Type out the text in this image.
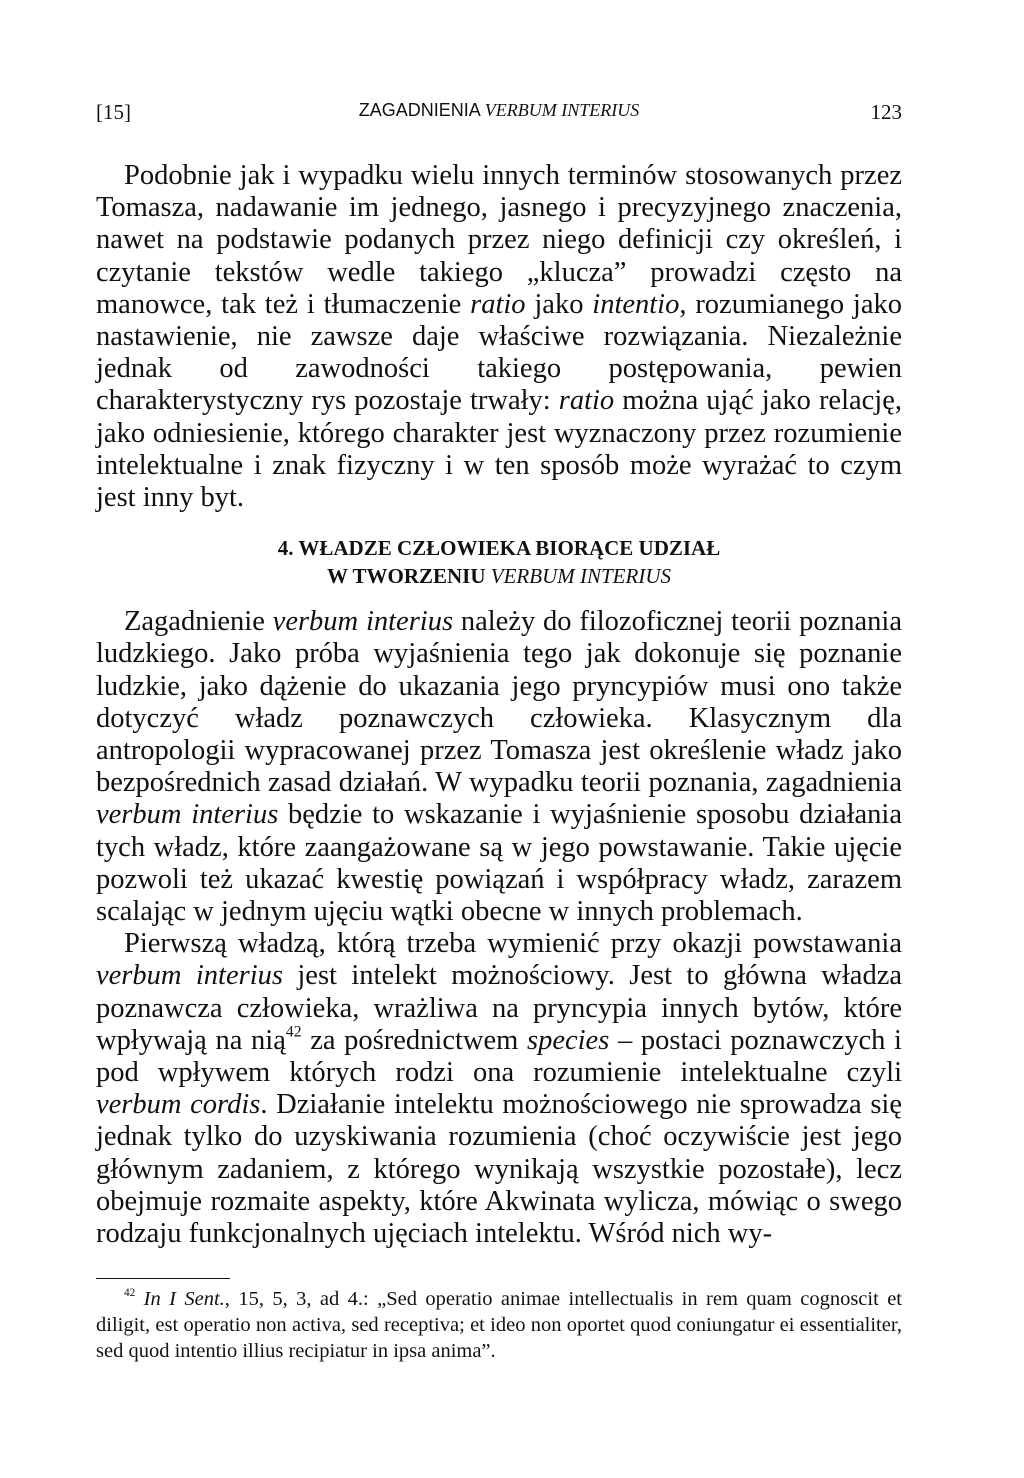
[15]	ZAGADNIENIA VERBUM INTERIUS	123

Podobnie jak i wypadku wielu innych terminów stosowanych przez Tomasza, nadawanie im jednego, jasnego i precyzyjnego znaczenia, nawet na podstawie podanych przez niego definicji czy określeń, i czytanie tekstów wedle takiego „klucza” prowadzi często na manowce, tak też i tłumaczenie ratio jako intentio, rozumianego jako nastawienie, nie zawsze daje właściwe rozwiązania. Niezależnie jednak od zawodności takiego postępowania, pewien charakterystyczny rys pozostaje trwały: ratio można ująć jako relację, jako odniesienie, którego charakter jest wyznaczony przez rozumienie intelektualne i znak fizyczny i w ten sposób może wyrażać to czym jest inny byt.

4. WŁADZE CZŁOWIEKA BIORĄCE UDZIAŁ
W TWORZENIU VERBUM INTERIUS

Zagadnienie verbum interius należy do filozoficznej teorii poznania ludzkiego. Jako próba wyjaśnienia tego jak dokonuje się poznanie ludzkie, jako dążenie do ukazania jego pryncypiów musi ono także dotyczyć władz poznawczych człowieka. Klasycznym dla antropologii wypracowanej przez Tomasza jest określenie władz jako bezpośrednich zasad działań. W wypadku teorii poznania, zagadnienia verbum interius będzie to wskazanie i wyjaśnienie sposobu działania tych władz, które zaangażowane są w jego powstawanie. Takie ujęcie pozwoli też ukazać kwestię powiązań i współpracy władz, zarazem scalając w jednym ujęciu wątki obecne w innych problemach.

Pierwszą władzą, którą trzeba wymienić przy okazji powstawania verbum interius jest intelekt możnościowy. Jest to główna władza poznawcza człowieka, wrażliwa na pryncypia innych bytów, które wpływają na nią$^{42}$ za pośrednictwem species – postaci poznawczych i pod wpływem których rodzi ona rozumienie intelektualne czyli verbum cordis. Działanie intelektu możnościowego nie sprowadza się jednak tylko do uzyskiwania rozumienia (choć oczywiście jest jego głównym zadaniem, z którego wynikają wszystkie pozostałe), lecz obejmuje rozmaite aspekty, które Akwinata wylicza, mówiąc o swego rodzaju funkcjonalnych ujęciach intelektu. Wśród nich wy-

$^{42}$ In I Sent., 15, 5, 3, ad 4.: „Sed operatio animae intellectualis in rem quam cognoscit et diligit, est operatio non activa, sed receptiva; et ideo non oportet quod coniungatur ei essentialiter, sed quod intentio illius recipiatur in ipsa anima”.
